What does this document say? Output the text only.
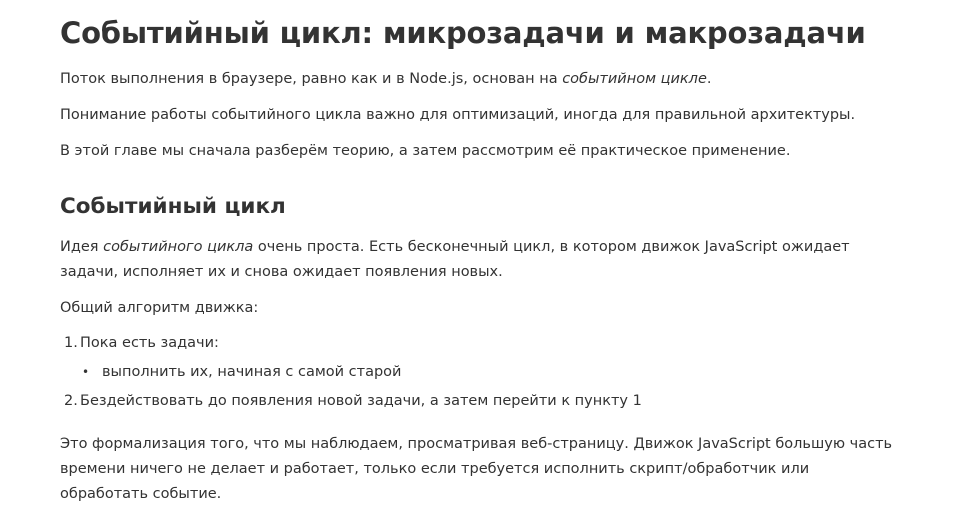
Событийный цикл: микрозадачи и макрозадачи

Поток выполнения в браузере, равно как и в Node.js, основан на событийном цикле.

Понимание работы событийного цикла важно для оптимизаций, иногда для правильной архитектуры.

В этой главе мы сначала разберём теорию, а затем рассмотрим её практическое применение.

Событийный цикл

Идея событийного цикла очень проста. Есть бесконечный цикл, в котором движок JavaScript ожидает задачи, исполняет их и снова ожидает появления новых.

Общий алгоритм движка:

1. Пока есть задачи:
• выполнить их, начиная с самой старой
2. Бездействовать до появления новой задачи, а затем перейти к пункту 1

Это формализация того, что мы наблюдаем, просматривая веб-страницу. Движок JavaScript большую часть времени ничего не делает и работает, только если требуется исполнить скрипт/обработчик или обработать событие.
